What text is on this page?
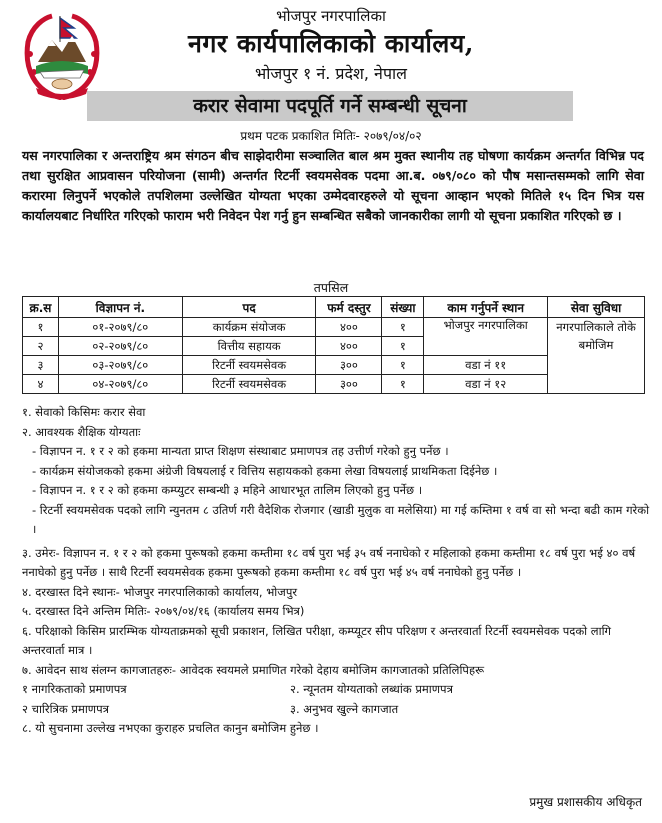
भोजपुर नगरपालिका
नगर कार्यपालिकाको कार्यालय,
भोजपुर १ नं. प्रदेश, नेपाल
करार सेवामा पदपूर्ति गर्ने सम्बन्धी सूचना
प्रथम पटक प्रकाशित मितिः- २०७९/०४/०२
यस नगरपालिका र अन्तराष्ट्रिय श्रम संगठन बीच साझेदारीमा सञ्चालित बाल श्रम मुक्त स्थानीय तह घोषणा कार्यक्रम अन्तर्गत विभिन्न पद तथा सुरक्षित आप्रवासन परियोजना (सामी) अन्तर्गत रिटर्नी स्वयमसेवक पदमा आ.ब. ०७९/०८० को पौष मसान्तसम्मको लागि सेवा करारमा लिनुपर्ने भएकोले तपशिलमा उल्लेखित योग्यता भएका उम्मेदवारहरुले यो सूचना आव्हान भएको मितिले १५ दिन भित्र यस कार्यालयबाट निर्धारित गरिएको फाराम भरी निवेदन पेश गर्नु हुन सम्बन्धित सबैको जानकारीका लागी यो सूचना प्रकाशित गरिएको छ ।
तपसिल
क्र.स	विज्ञापन नं.	पद	फर्म दस्तुर	संख्या	काम गर्नुपर्ने स्थान	सेवा सुविधा
१	०१-२०७९/८०	कार्यक्रम संयोजक	४००	१	भोजपुर नगरपालिका	नगरपालिकाले तोके बमोजिम
२	०२-२०७९/८०	वित्तीय सहायक	४००	१		
३	०३-२०७९/८०	रिटर्नी स्वयमसेवक	३००	१	वडा नं ११	
४	०४-२०७९/८०	रिटर्नी स्वयमसेवक	३००	१	वडा नं १२	
१. सेवाको किसिमः करार सेवा
२. आवश्यक शैक्षिक योग्यताः
- विज्ञापन न. १ र २ को हकमा मान्यता प्राप्त शिक्षण संस्थाबाट प्रमाणपत्र तह उत्तीर्ण गरेको हुनु पर्नेछ ।
- कार्यक्रम संयोजकको हकमा अंग्रेजी विषयलाई र वित्तिय सहायकको हकमा लेखा विषयलाई प्राथमिकता दिईनेछ ।
- विज्ञापन न. १ र २ को हकमा कम्प्युटर सम्बन्धी ३ महिने आधारभूत तालिम लिएको हुनु पर्नेछ ।
- रिटर्नी स्वयमसेवक पदको लागि न्युनतम ८ उतिर्ण गरी वैदेशिक रोजगार (खाडी मुलुक वा मलेसिया) मा गई कम्तिमा १ वर्ष वा सो भन्दा बढी काम गरेको ।
३. उमेरः- विज्ञापन न. १ र २ को हकमा पुरूषको हकमा कम्तीमा १८ वर्ष पुरा भई ३५ वर्ष ननाघेको र महिलाको हकमा कम्तीमा १८ वर्ष पुरा भई ४० वर्ष ननाघेको हुनु पर्नेछ । साथै रिटर्नी स्वयमसेवक हकमा पुरूषको हकमा कम्तीमा १८ वर्ष पुरा भई ४५ वर्ष ननाघेको हुनु पर्नेछ ।
४. दरखास्त दिने स्थानः- भोजपुर नगरपालिकाको कार्यालय, भोजपुर
५. दरखास्त दिने अन्तिम मितिः- २०७९/०४/१६ (कार्यालय समय भित्र)
६. परिक्षाको किसिम प्रारम्भिक योग्यताक्रमको सूची प्रकाशन, लिखित परीक्षा, कम्प्यूटर सीप परिक्षण र अन्तरवार्ता रिटर्नी स्वयमसेवक पदको लागि अन्तरवार्ता मात्र ।
७. आवेदन साथ संलग्न कागजातहरुः- आवेदक स्वयमले प्रमाणित गरेको देहाय बमोजिम कागजातको प्रतिलिपिहरू
१ नागरिकताको प्रमाणपत्र	२. न्यूनतम योग्यताको लब्धांक प्रमाणपत्र
२ चारित्रिक प्रमाणपत्र	३. अनुभव खुल्ने कागजात
८. यो सुचनामा उल्लेख नभएका कुराहरु प्रचलित कानुन बमोजिम हुनेछ ।
प्रमुख प्रशासकीय अधिकृत
